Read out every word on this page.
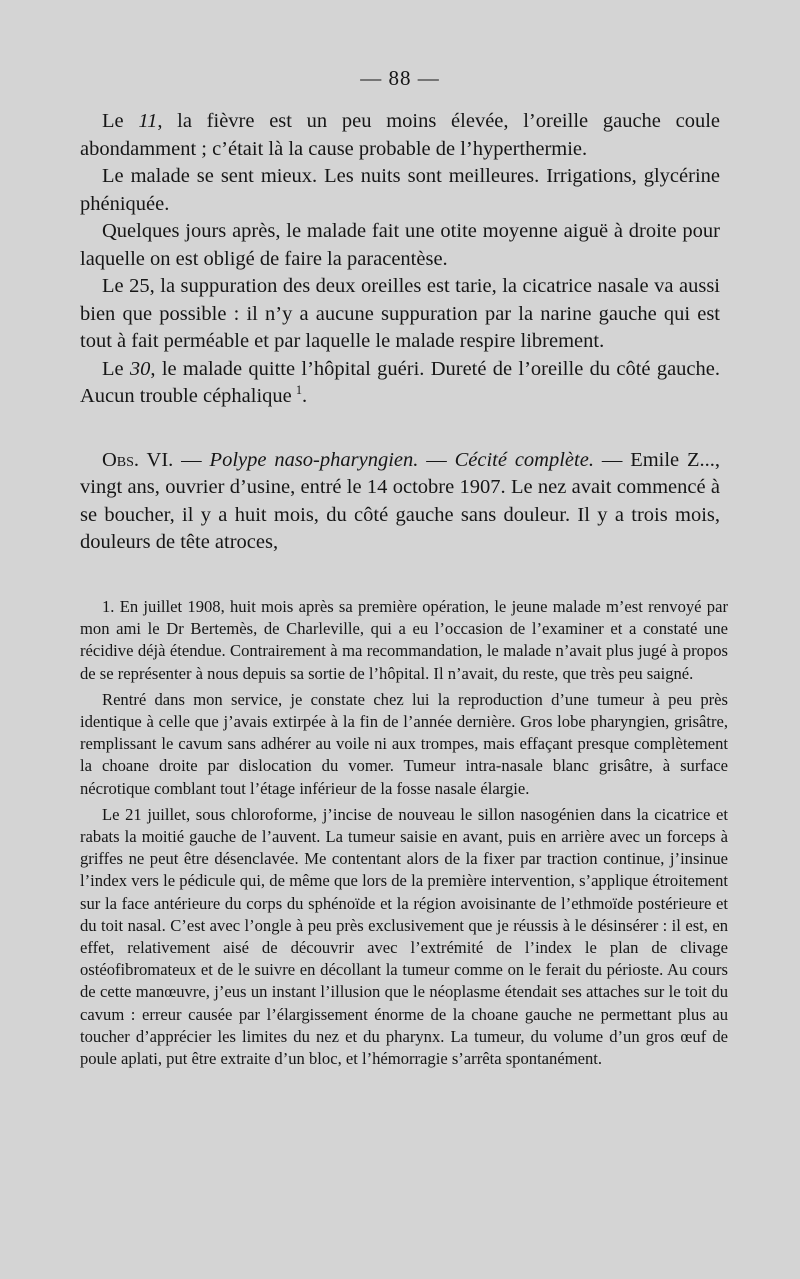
— 88 —

Le 11, la fièvre est un peu moins élevée, l’oreille gauche coule abondamment ; c’était là la cause probable de l’hyperthermie.

Le malade se sent mieux. Les nuits sont meilleures. Irrigations, glycérine phéniquée.

Quelques jours après, le malade fait une otite moyenne aiguë à droite pour laquelle on est obligé de faire la paracentèse.

Le 25, la suppuration des deux oreilles est tarie, la cicatrice nasale va aussi bien que possible : il n’y a aucune suppuration par la narine gauche qui est tout à fait perméable et par laquelle le malade respire librement.

Le 30, le malade quitte l’hôpital guéri. Dureté de l’oreille du côté gauche. Aucun trouble céphalique  $^1$.

Obs. VI. — Polype naso-pharyngien. — Cécité complète. — Emile Z..., vingt ans, ouvrier d’usine, entré le 14 octobre 1907. Le nez avait commencé à se boucher, il y a huit mois, du côté gauche sans douleur. Il y a trois mois, douleurs de tête atroces,

1. En juillet 1908, huit mois après sa première opération, le jeune malade m’est renvoyé par mon ami le Dr Bertemès, de Charleville, qui a eu l’occasion de l’examiner et a constaté une récidive déjà étendue. Contrairement à ma recommandation, le malade n’avait plus jugé à propos de se représenter à nous depuis sa sortie de l’hôpital. Il n’avait, du reste, que très peu saigné.

Rentré dans mon service, je constate chez lui la reproduction d’une tumeur à peu près identique à celle que j’avais extirpée à la fin de l’année dernière. Gros lobe pharyngien, grisâtre, remplissant le cavum sans adhérer au voile ni aux trompes, mais effaçant presque complètement la choane droite par dislocation du vomer. Tumeur intra-nasale blanc grisâtre, à surface nécrotique comblant tout l’étage inférieur de la fosse nasale élargie.

Le 21 juillet, sous chloroforme, j’incise de nouveau le sillon nasogénien dans la cicatrice et rabats la moitié gauche de l’auvent. La tumeur saisie en avant, puis en arrière avec un forceps à griffes ne peut être désenclavée. Me contentant alors de la fixer par traction continue, j’insinue l’index vers le pédicule qui, de même que lors de la première intervention, s’applique étroitement sur la face antérieure du corps du sphénoïde et la région avoisinante de l’ethmoïde postérieure et du toit nasal. C’est avec l’ongle à peu près exclusivement que je réussis à le désinsérer : il est, en effet, relativement aisé de découvrir avec l’extrémité de l’index le plan de clivage ostéofibromateux et de le suivre en décollant la tumeur comme on le ferait du périoste. Au cours de cette manœuvre, j’eus un instant l’illusion que le néoplasme étendait ses attaches sur le toit du cavum : erreur causée par l’élargissement énorme de la choane gauche ne permettant plus au toucher d’apprécier les limites du nez et du pharynx. La tumeur, du volume d’un gros œuf de poule aplati, put être extraite d’un bloc, et l’hémorragie s’arrêta spontanément.
